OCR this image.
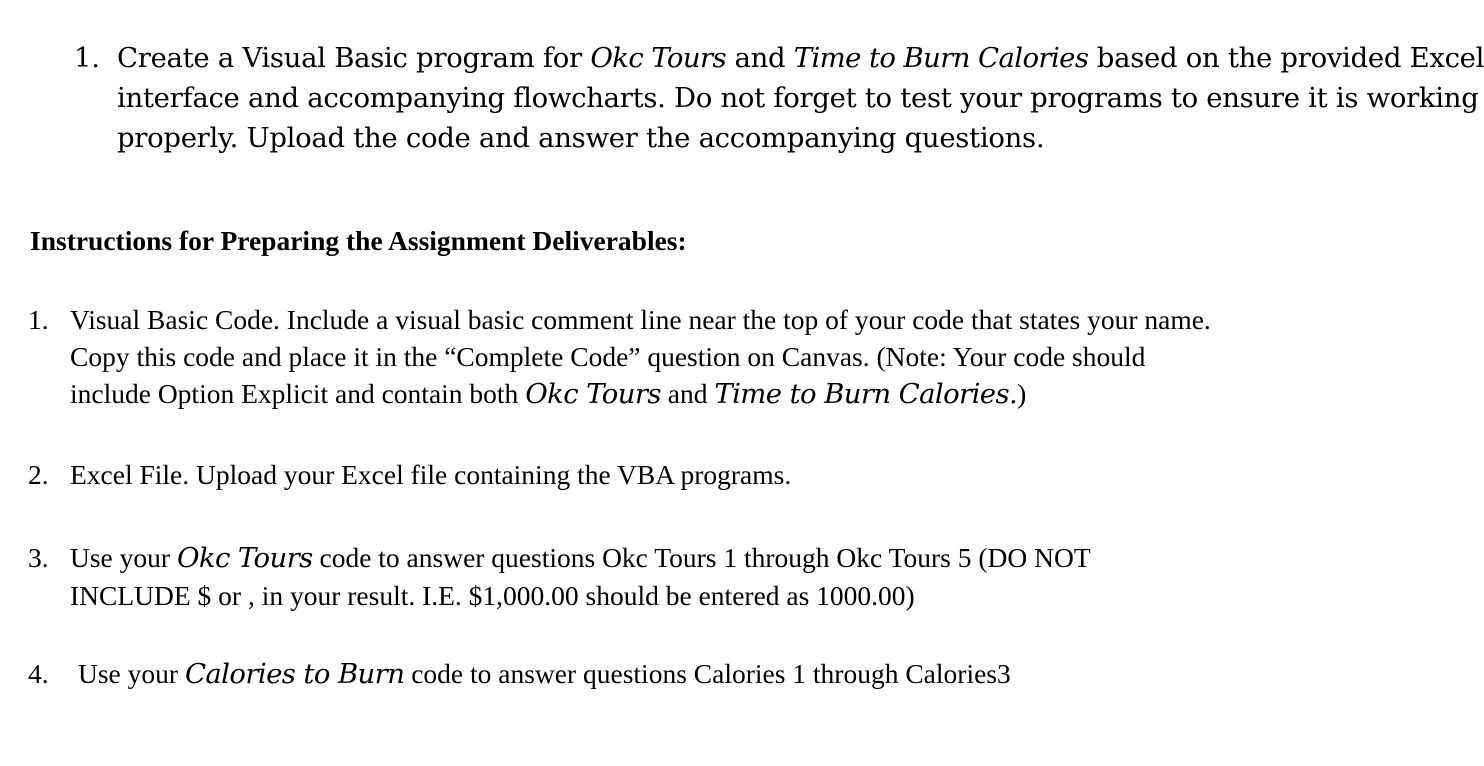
1. Create a Visual Basic program for Okc Tours and Time to Burn Calories based on the provided Excel
interface and accompanying flowcharts. Do not forget to test your programs to ensure it is working
properly. Upload the code and answer the accompanying questions.
Instructions for Preparing the Assignment Deliverables:
1. Visual Basic Code. Include a visual basic comment line near the top of your code that states your name.
Copy this code and place it in the “Complete Code” question on Canvas. (Note: Your code should
include Option Explicit and contain both Okc Tours and Time to Burn Calories.)
2. Excel File. Upload your Excel file containing the VBA programs.
3. Use your Okc Tours code to answer questions Okc Tours 1 through Okc Tours 5 (DO NOT
INCLUDE $ or , in your result. I.E. $1,000.00 should be entered as 1000.00)
4. Use your Calories to Burn code to answer questions Calories 1 through Calories3
